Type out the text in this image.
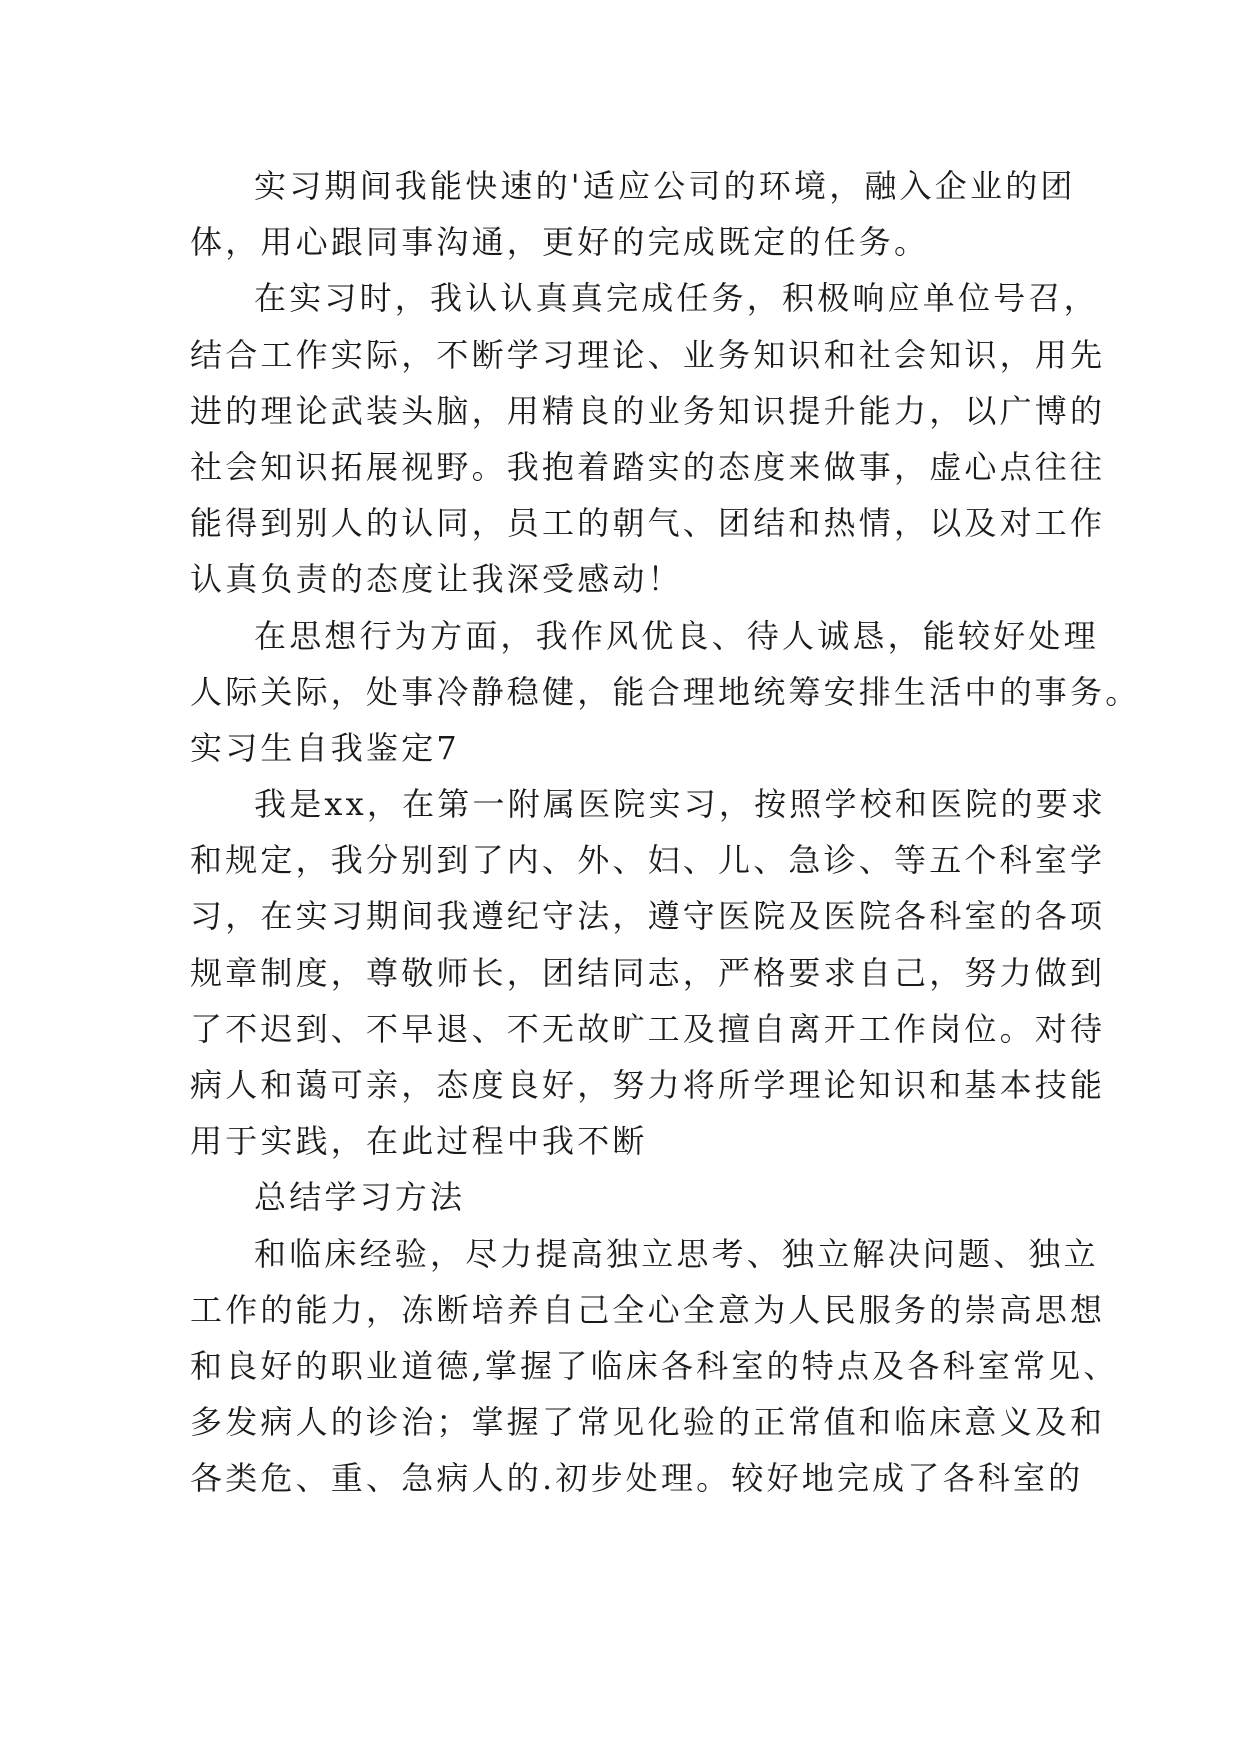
实习期间我能快速的'适应公司的环境，融入企业的团
体，用心跟同事沟通，更好的完成既定的任务。
在实习时，我认认真真完成任务，积极响应单位号召，
结合工作实际，不断学习理论、业务知识和社会知识，用先
进的理论武装头脑，用精良的业务知识提升能力，以广博的
社会知识拓展视野。我抱着踏实的态度来做事，虚心点往往
能得到别人的认同，员工的朝气、团结和热情，以及对工作
认真负责的态度让我深受感动！
在思想行为方面，我作风优良、待人诚恳，能较好处理
人际关际，处事冷静稳健，能合理地统筹安排生活中的事务。
实习生自我鉴定7
我是xx，在第一附属医院实习，按照学校和医院的要求
和规定，我分别到了内、外、妇、儿、急诊、等五个科室学
习，在实习期间我遵纪守法，遵守医院及医院各科室的各项
规章制度，尊敬师长，团结同志，严格要求自己，努力做到
了不迟到、不早退、不无故旷工及擅自离开工作岗位。对待
病人和蔼可亲，态度良好，努力将所学理论知识和基本技能
用于实践，在此过程中我不断
总结学习方法
和临床经验，尽力提高独立思考、独立解决问题、独立
工作的能力，冻断培养自己全心全意为人民服务的崇高思想
和良好的职业道德,掌握了临床各科室的特点及各科室常见、
多发病人的诊治；掌握了常见化验的正常值和临床意义及和
各类危、重、急病人的.初步处理。较好地完成了各科室的
